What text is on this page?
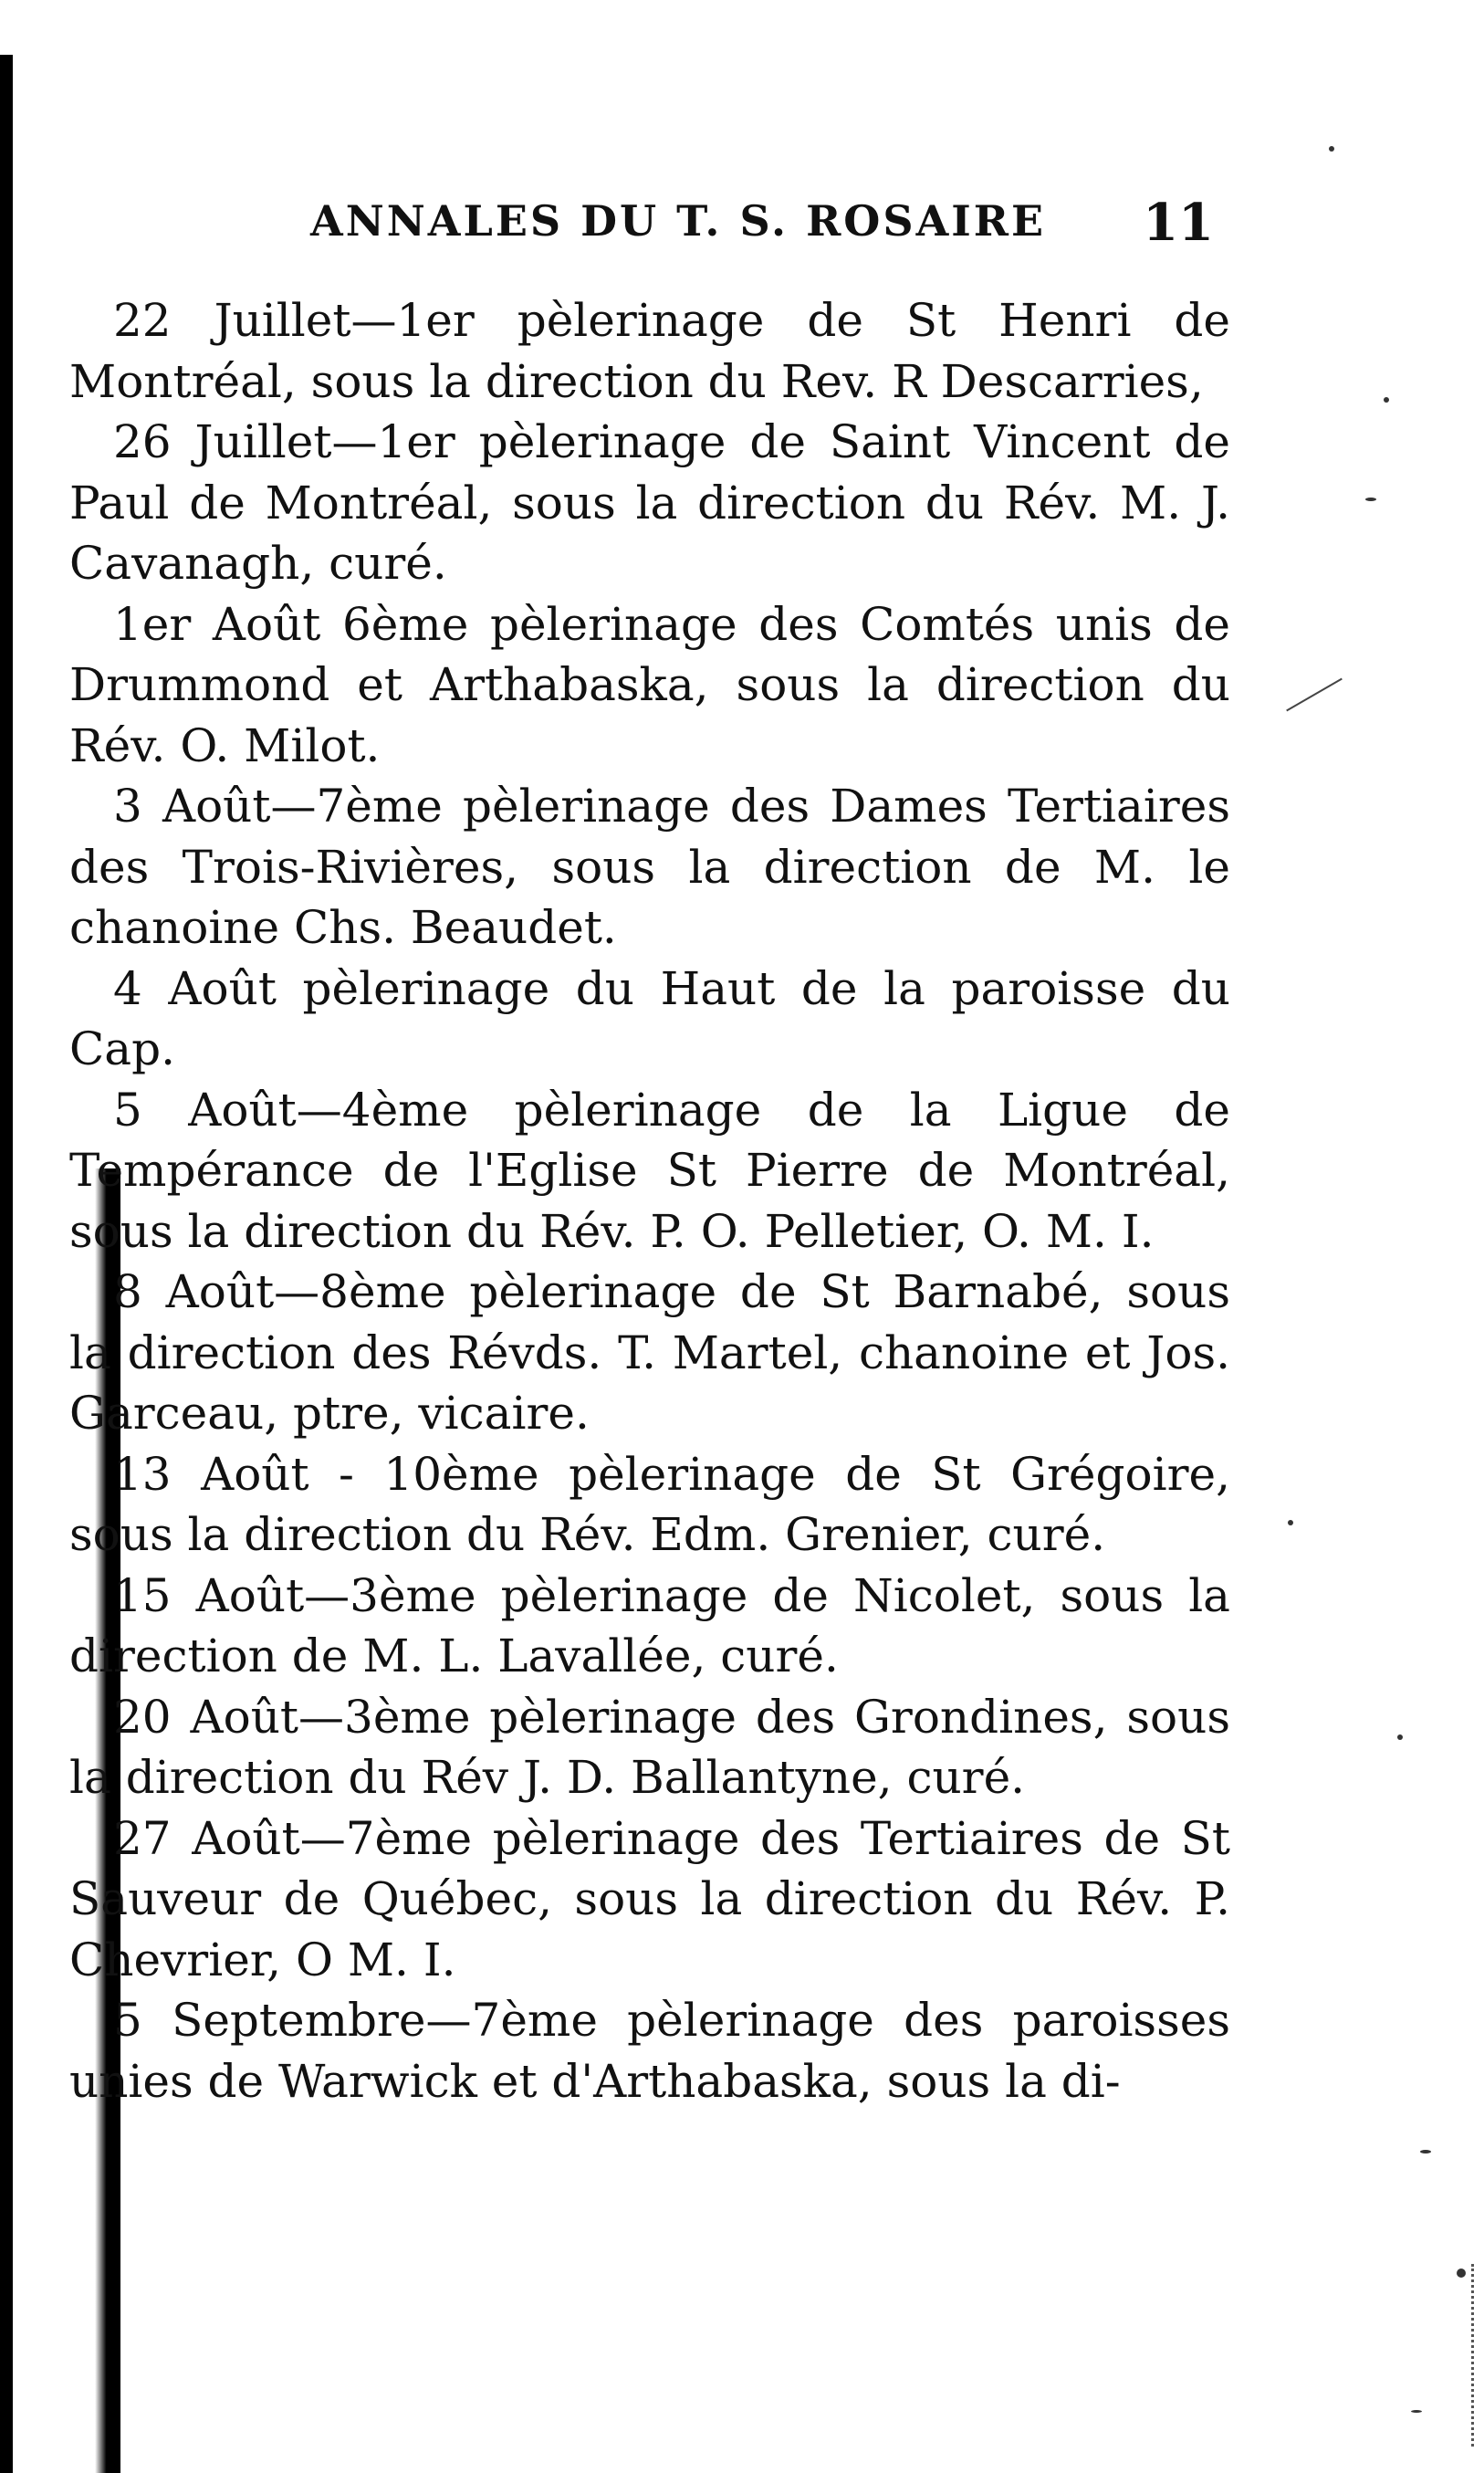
ANNALES DU T. S. ROSAIRE 11

22 Juillet—1er pèlerinage de St Henri de Montréal, sous la direction du Rev. R Descarries,

26 Juillet—1er pèlerinage de Saint Vincent de Paul de Montréal, sous la direction du Rév. M. J. Cavanagh, curé.

1er Août 6ème pèlerinage des Comtés unis de Drummond et Arthabaska, sous la direction du Rév. O. Milot.

3 Août—7ème pèlerinage des Dames Tertiaires des Trois-Rivières, sous la direction de M. le chanoine Chs. Beaudet.

4 Août pèlerinage du Haut de la paroisse du Cap.

5 Août—4ème pèlerinage de la Ligue de Tempérance de l'Eglise St Pierre de Montréal, sous la direction du Rév. P. O. Pelletier, O. M. I.

8 Août—8ème pèlerinage de St Barnabé, sous la direction des Révds. T. Martel, chanoine et Jos. Garceau, ptre, vicaire.

13 Août - 10ème pèlerinage de St Grégoire, sous la direction du Rév. Edm. Grenier, curé.

15 Août—3ème pèlerinage de Nicolet, sous la direction de M. L. Lavallée, curé.

20 Août—3ème pèlerinage des Grondines, sous la direction du Rév J. D. Ballantyne, curé.

27 Août—7ème pèlerinage des Tertiaires de St Sauveur de Québec, sous la direction du Rév. P. Chevrier, O M. I.

5 Septembre—7ème pèlerinage des paroisses unies de Warwick et d'Arthabaska, sous la di-
